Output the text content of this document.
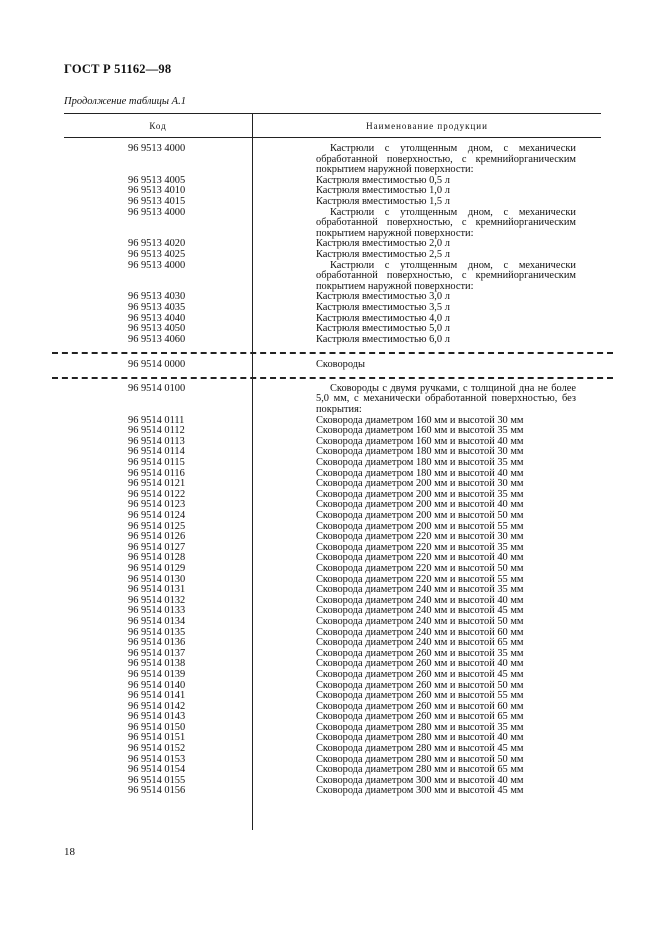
ГОСТ Р 51162—98
Продолжение таблицы А.1
Код	Наименование продукции
96 9513 4000	Кастрюли с утолщенным дном, с механически обработанной поверхностью, с кремнийорганическим покрытием наружной поверхности:
96 9513 4005	Кастрюля вместимостью 0,5 л
96 9513 4010	Кастрюля вместимостью 1,0 л
96 9513 4015	Кастрюля вместимостью 1,5 л
96 9513 4000	Кастрюли с утолщенным дном, с механически обработанной поверхностью, с кремнийорганическим покрытием наружной поверхности:
96 9513 4020	Кастрюля вместимостью 2,0 л
96 9513 4025	Кастрюля вместимостью 2,5 л
96 9513 4000	Кастрюли с утолщенным дном, с механически обработанной поверхностью, с кремнийорганическим покрытием наружной поверхности:
96 9513 4030	Кастрюля вместимостью 3,0 л
96 9513 4035	Кастрюля вместимостью 3,5 л
96 9513 4040	Кастрюля вместимостью 4,0 л
96 9513 4050	Кастрюля вместимостью 5,0 л
96 9513 4060	Кастрюля вместимостью 6,0 л
96 9514 0000	Сковороды
96 9514 0100	Сковороды с двумя ручками, с толщиной дна не более 5,0 мм, с механически обработанной поверхностью, без покрытия:
96 9514 0111	Сковорода диаметром 160 мм и высотой 30 мм
96 9514 0112	Сковорода диаметром 160 мм и высотой 35 мм
96 9514 0113	Сковорода диаметром 160 мм и высотой 40 мм
96 9514 0114	Сковорода диаметром 180 мм и высотой 30 мм
96 9514 0115	Сковорода диаметром 180 мм и высотой 35 мм
96 9514 0116	Сковорода диаметром 180 мм и высотой 40 мм
96 9514 0121	Сковорода диаметром 200 мм и высотой 30 мм
96 9514 0122	Сковорода диаметром 200 мм и высотой 35 мм
96 9514 0123	Сковорода диаметром 200 мм и высотой 40 мм
96 9514 0124	Сковорода диаметром 200 мм и высотой 50 мм
96 9514 0125	Сковорода диаметром 200 мм и высотой 55 мм
96 9514 0126	Сковорода диаметром 220 мм и высотой 30 мм
96 9514 0127	Сковорода диаметром 220 мм и высотой 35 мм
96 9514 0128	Сковорода диаметром 220 мм и высотой 40 мм
96 9514 0129	Сковорода диаметром 220 мм и высотой 50 мм
96 9514 0130	Сковорода диаметром 220 мм и высотой 55 мм
96 9514 0131	Сковорода диаметром 240 мм и высотой 35 мм
96 9514 0132	Сковорода диаметром 240 мм и высотой 40 мм
96 9514 0133	Сковорода диаметром 240 мм и высотой 45 мм
96 9514 0134	Сковорода диаметром 240 мм и высотой 50 мм
96 9514 0135	Сковорода диаметром 240 мм и высотой 60 мм
96 9514 0136	Сковорода диаметром 240 мм и высотой 65 мм
96 9514 0137	Сковорода диаметром 260 мм и высотой 35 мм
96 9514 0138	Сковорода диаметром 260 мм и высотой 40 мм
96 9514 0139	Сковорода диаметром 260 мм и высотой 45 мм
96 9514 0140	Сковорода диаметром 260 мм и высотой 50 мм
96 9514 0141	Сковорода диаметром 260 мм и высотой 55 мм
96 9514 0142	Сковорода диаметром 260 мм и высотой 60 мм
96 9514 0143	Сковорода диаметром 260 мм и высотой 65 мм
96 9514 0150	Сковорода диаметром 280 мм и высотой 35 мм
96 9514 0151	Сковорода диаметром 280 мм и высотой 40 мм
96 9514 0152	Сковорода диаметром 280 мм и высотой 45 мм
96 9514 0153	Сковорода диаметром 280 мм и высотой 50 мм
96 9514 0154	Сковорода диаметром 280 мм и высотой 65 мм
96 9514 0155	Сковорода диаметром 300 мм и высотой 40 мм
96 9514 0156	Сковорода диаметром 300 мм и высотой 45 мм
18
